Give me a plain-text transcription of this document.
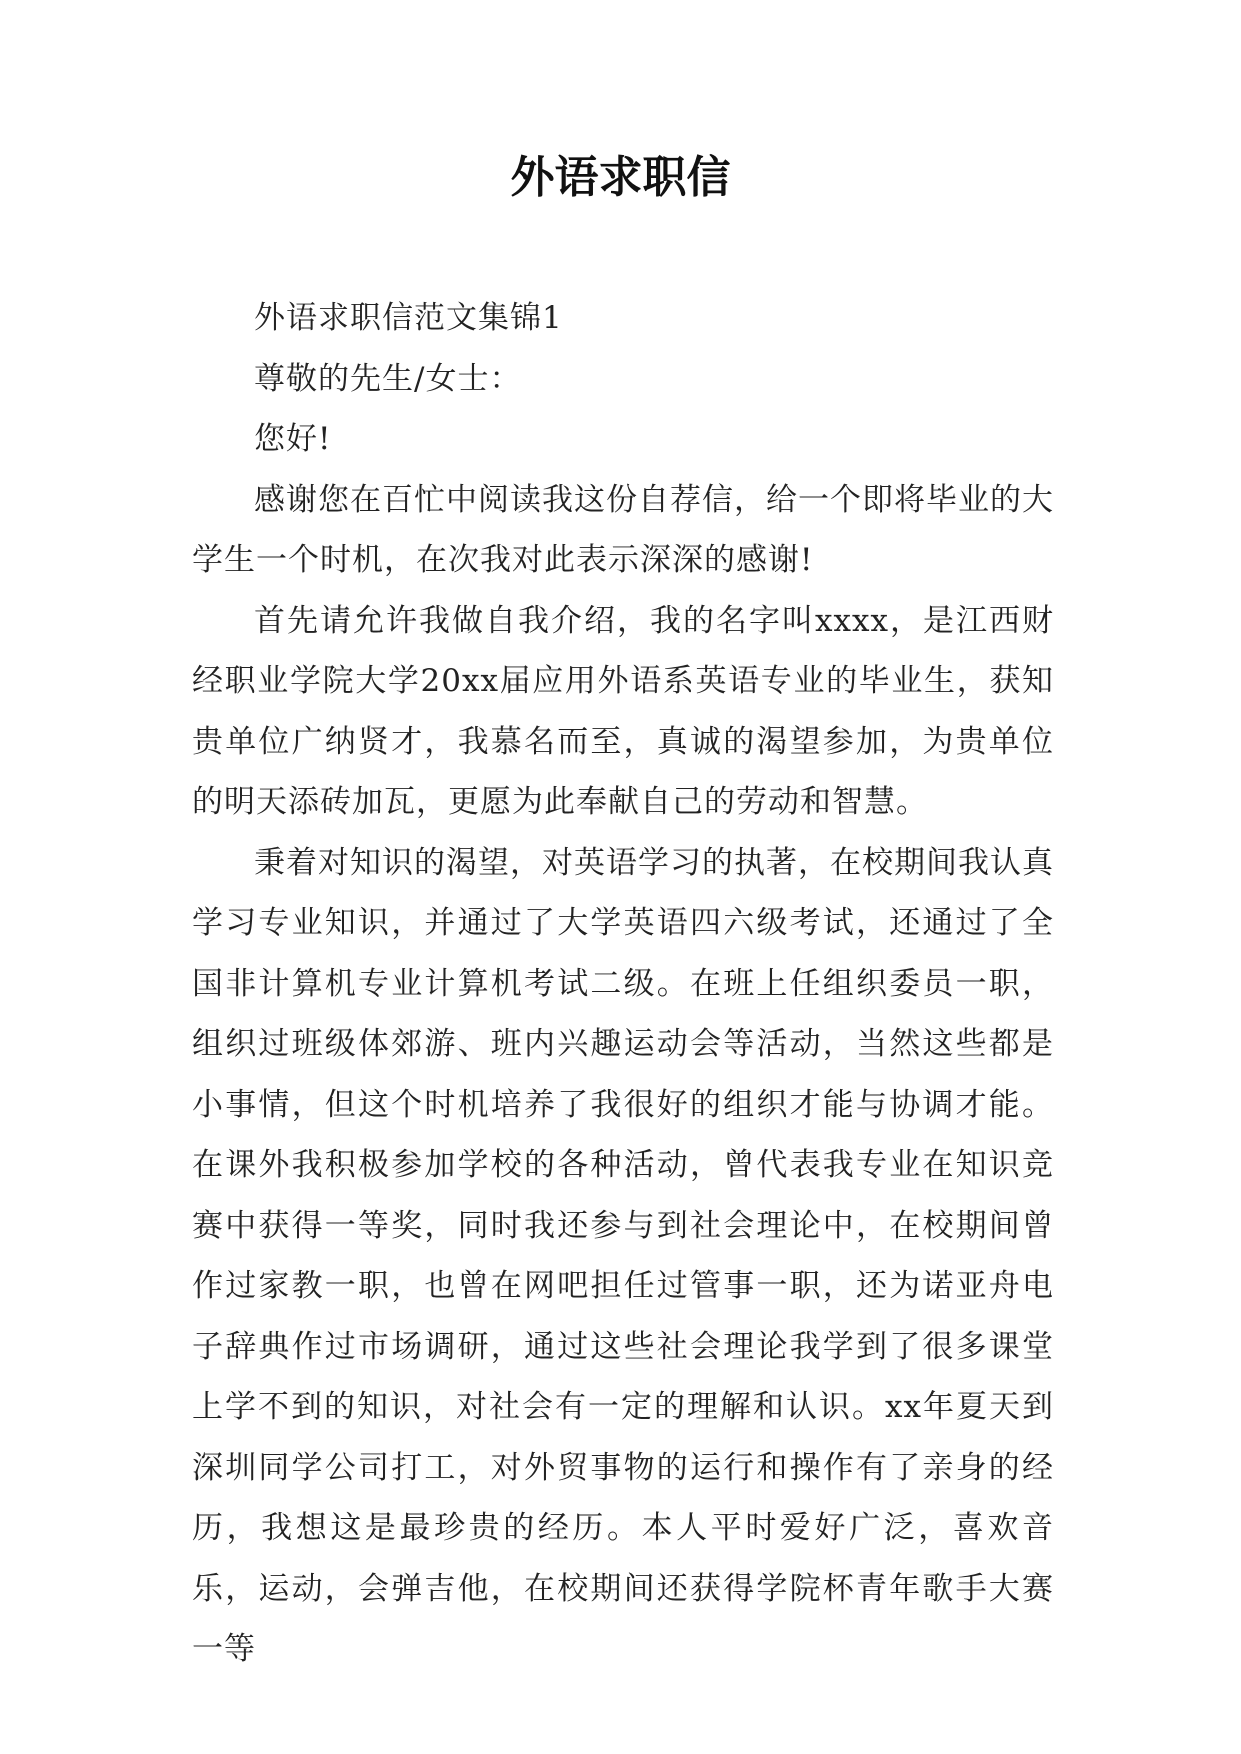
外语求职信

外语求职信范文集锦1

尊敬的先生/女士：

您好!

感谢您在百忙中阅读我这份自荐信，给一个即将毕业的大学生一个时机，在次我对此表示深深的感谢!

首先请允许我做自我介绍，我的名字叫xxxx，是江西财经职业学院大学20xx届应用外语系英语专业的毕业生，获知贵单位广纳贤才，我慕名而至，真诚的渴望参加，为贵单位的明天添砖加瓦，更愿为此奉献自己的劳动和智慧。

秉着对知识的渴望，对英语学习的执著，在校期间我认真学习专业知识，并通过了大学英语四六级考试，还通过了全国非计算机专业计算机考试二级。在班上任组织委员一职，组织过班级体郊游、班内兴趣运动会等活动，当然这些都是小事情，但这个时机培养了我很好的组织才能与协调才能。在课外我积极参加学校的各种活动，曾代表我专业在知识竞赛中获得一等奖，同时我还参与到社会理论中，在校期间曾作过家教一职，也曾在网吧担任过管事一职，还为诺亚舟电子辞典作过市场调研，通过这些社会理论我学到了很多课堂上学不到的知识，对社会有一定的理解和认识。xx年夏天到深圳同学公司打工，对外贸事物的运行和操作有了亲身的经历，我想这是最珍贵的经历。本人平时爱好广泛，喜欢音乐，运动，会弹吉他，在校期间还获得学院杯青年歌手大赛一等
